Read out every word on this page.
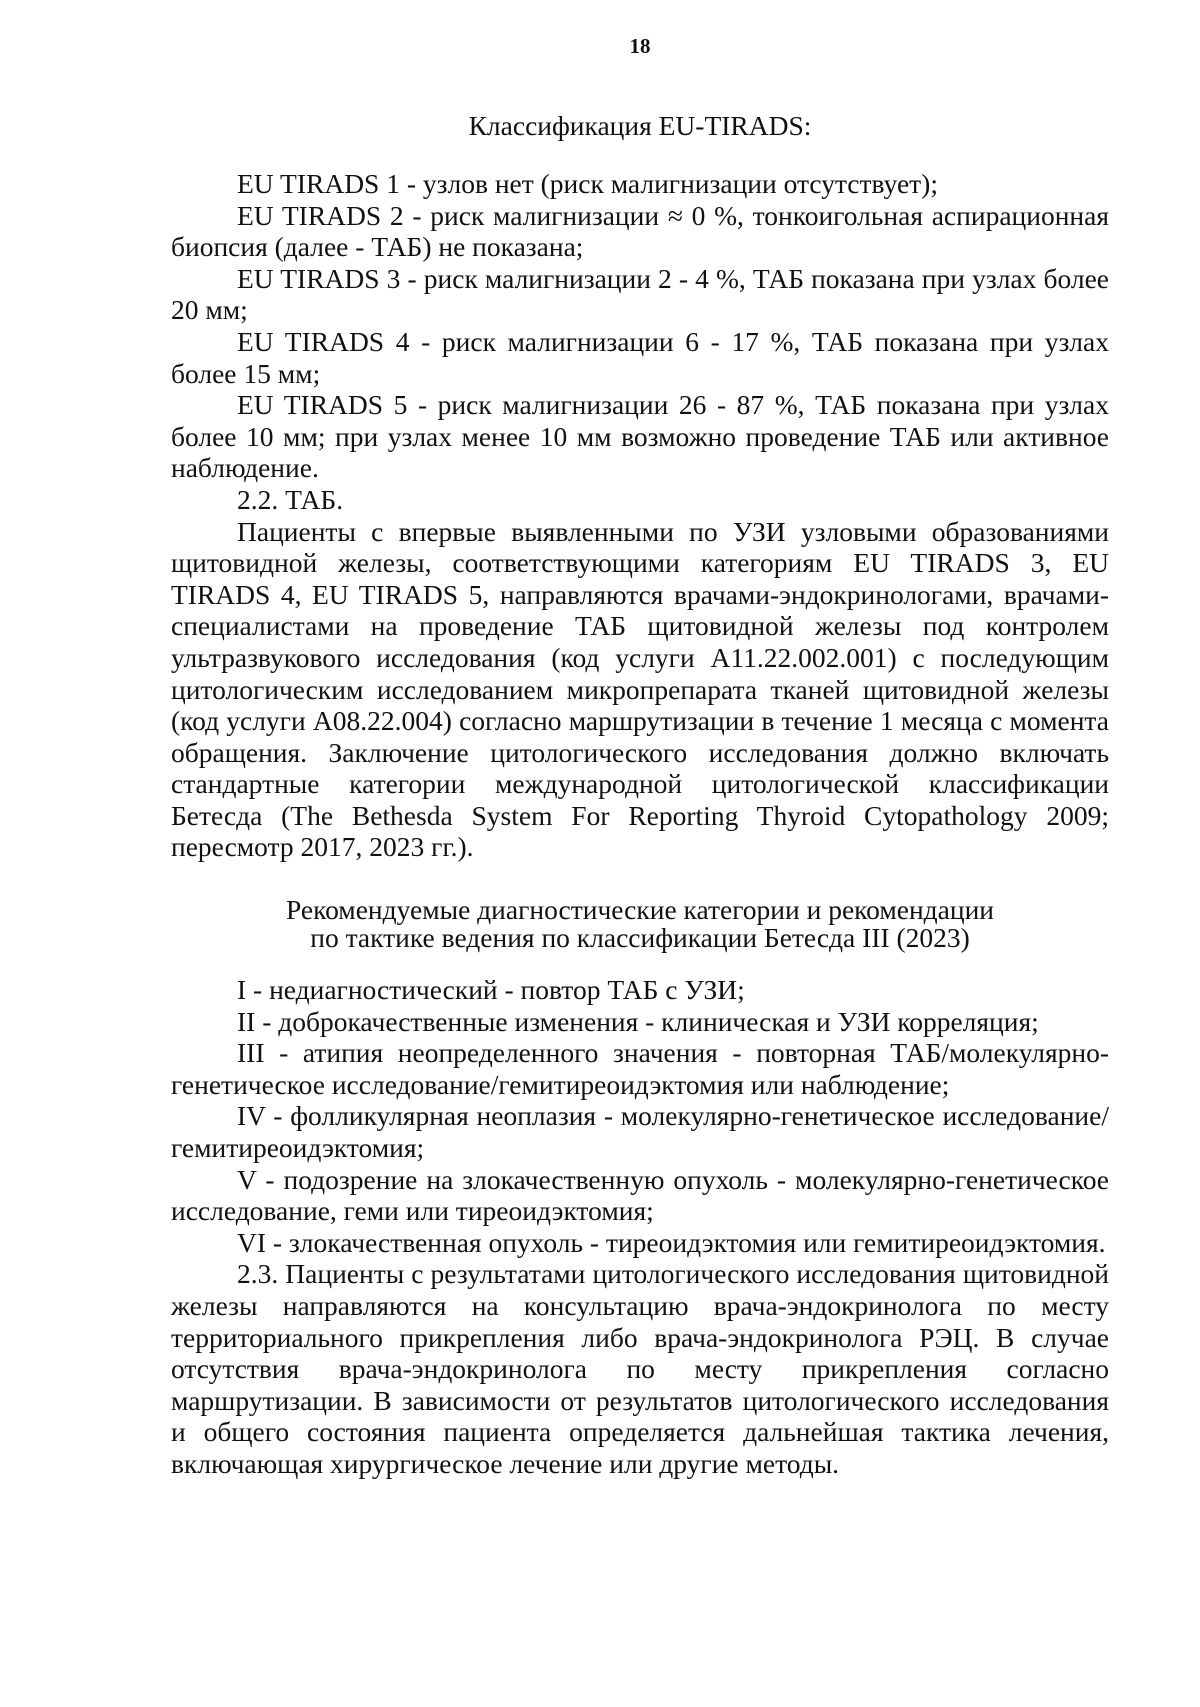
18
Классификация EU-TIRADS:

EU TIRADS 1 - узлов нет (риск малигнизации отсутствует);

EU TIRADS 2 - риск малигнизации ≈ 0 %, тонкоигольная аспирационная биопсия (далее - ТАБ) не показана;

EU TIRADS 3 - риск малигнизации 2 - 4 %, ТАБ показана при узлах более 20 мм;

EU TIRADS 4 - риск малигнизации 6 - 17 %, ТАБ показана при узлах более 15 мм;

EU TIRADS 5 - риск малигнизации 26 - 87 %, ТАБ показана при узлах более 10 мм; при узлах менее 10 мм возможно проведение ТАБ или активное наблюдение.

2.2. ТАБ.

Пациенты с впервые выявленными по УЗИ узловыми образованиями щитовидной железы, соответствующими категориям EU TIRADS 3, EU TIRADS 4, EU TIRADS 5, направляются врачами-эндокринологами, врачами-специалистами на проведение ТАБ щитовидной железы под контролем ультразвукового исследования (код услуги А11.22.002.001) с последующим цитологическим исследованием микропрепарата тканей щитовидной железы (код услуги А08.22.004) согласно маршрутизации в течение 1 месяца с момента обращения. Заключение цитологического исследования должно включать стандартные категории международной цитологической классификации Бетесда (The Bethesda System For Reporting Thyroid Cytopathology 2009; пересмотр 2017, 2023 гг.).

Рекомендуемые диагностические категории и рекомендации
по тактике ведения по классификации Бетесда III (2023)

I - недиагностический - повтор ТАБ с УЗИ;

II - доброкачественные изменения - клиническая и УЗИ корреляция;

III - атипия неопределенного значения - повторная ТАБ/молекулярно-генетическое исследование/гемитиреоидэктомия или наблюдение;

IV - фолликулярная неоплазия - молекулярно-генетическое исследование/гемитиреоидэктомия;

V - подозрение на злокачественную опухоль - молекулярно-генетическое исследование, геми или тиреоидэктомия;

VI - злокачественная опухоль - тиреоидэктомия или гемитиреоидэктомия.

2.3. Пациенты с результатами цитологического исследования щитовидной железы направляются на консультацию врача-эндокринолога по месту территориального прикрепления либо врача-эндокринолога РЭЦ. В случае отсутствия врача-эндокринолога по месту прикрепления согласно маршрутизации. В зависимости от результатов цитологического исследования и общего состояния пациента определяется дальнейшая тактика лечения, включающая хирургическое лечение или другие методы.
